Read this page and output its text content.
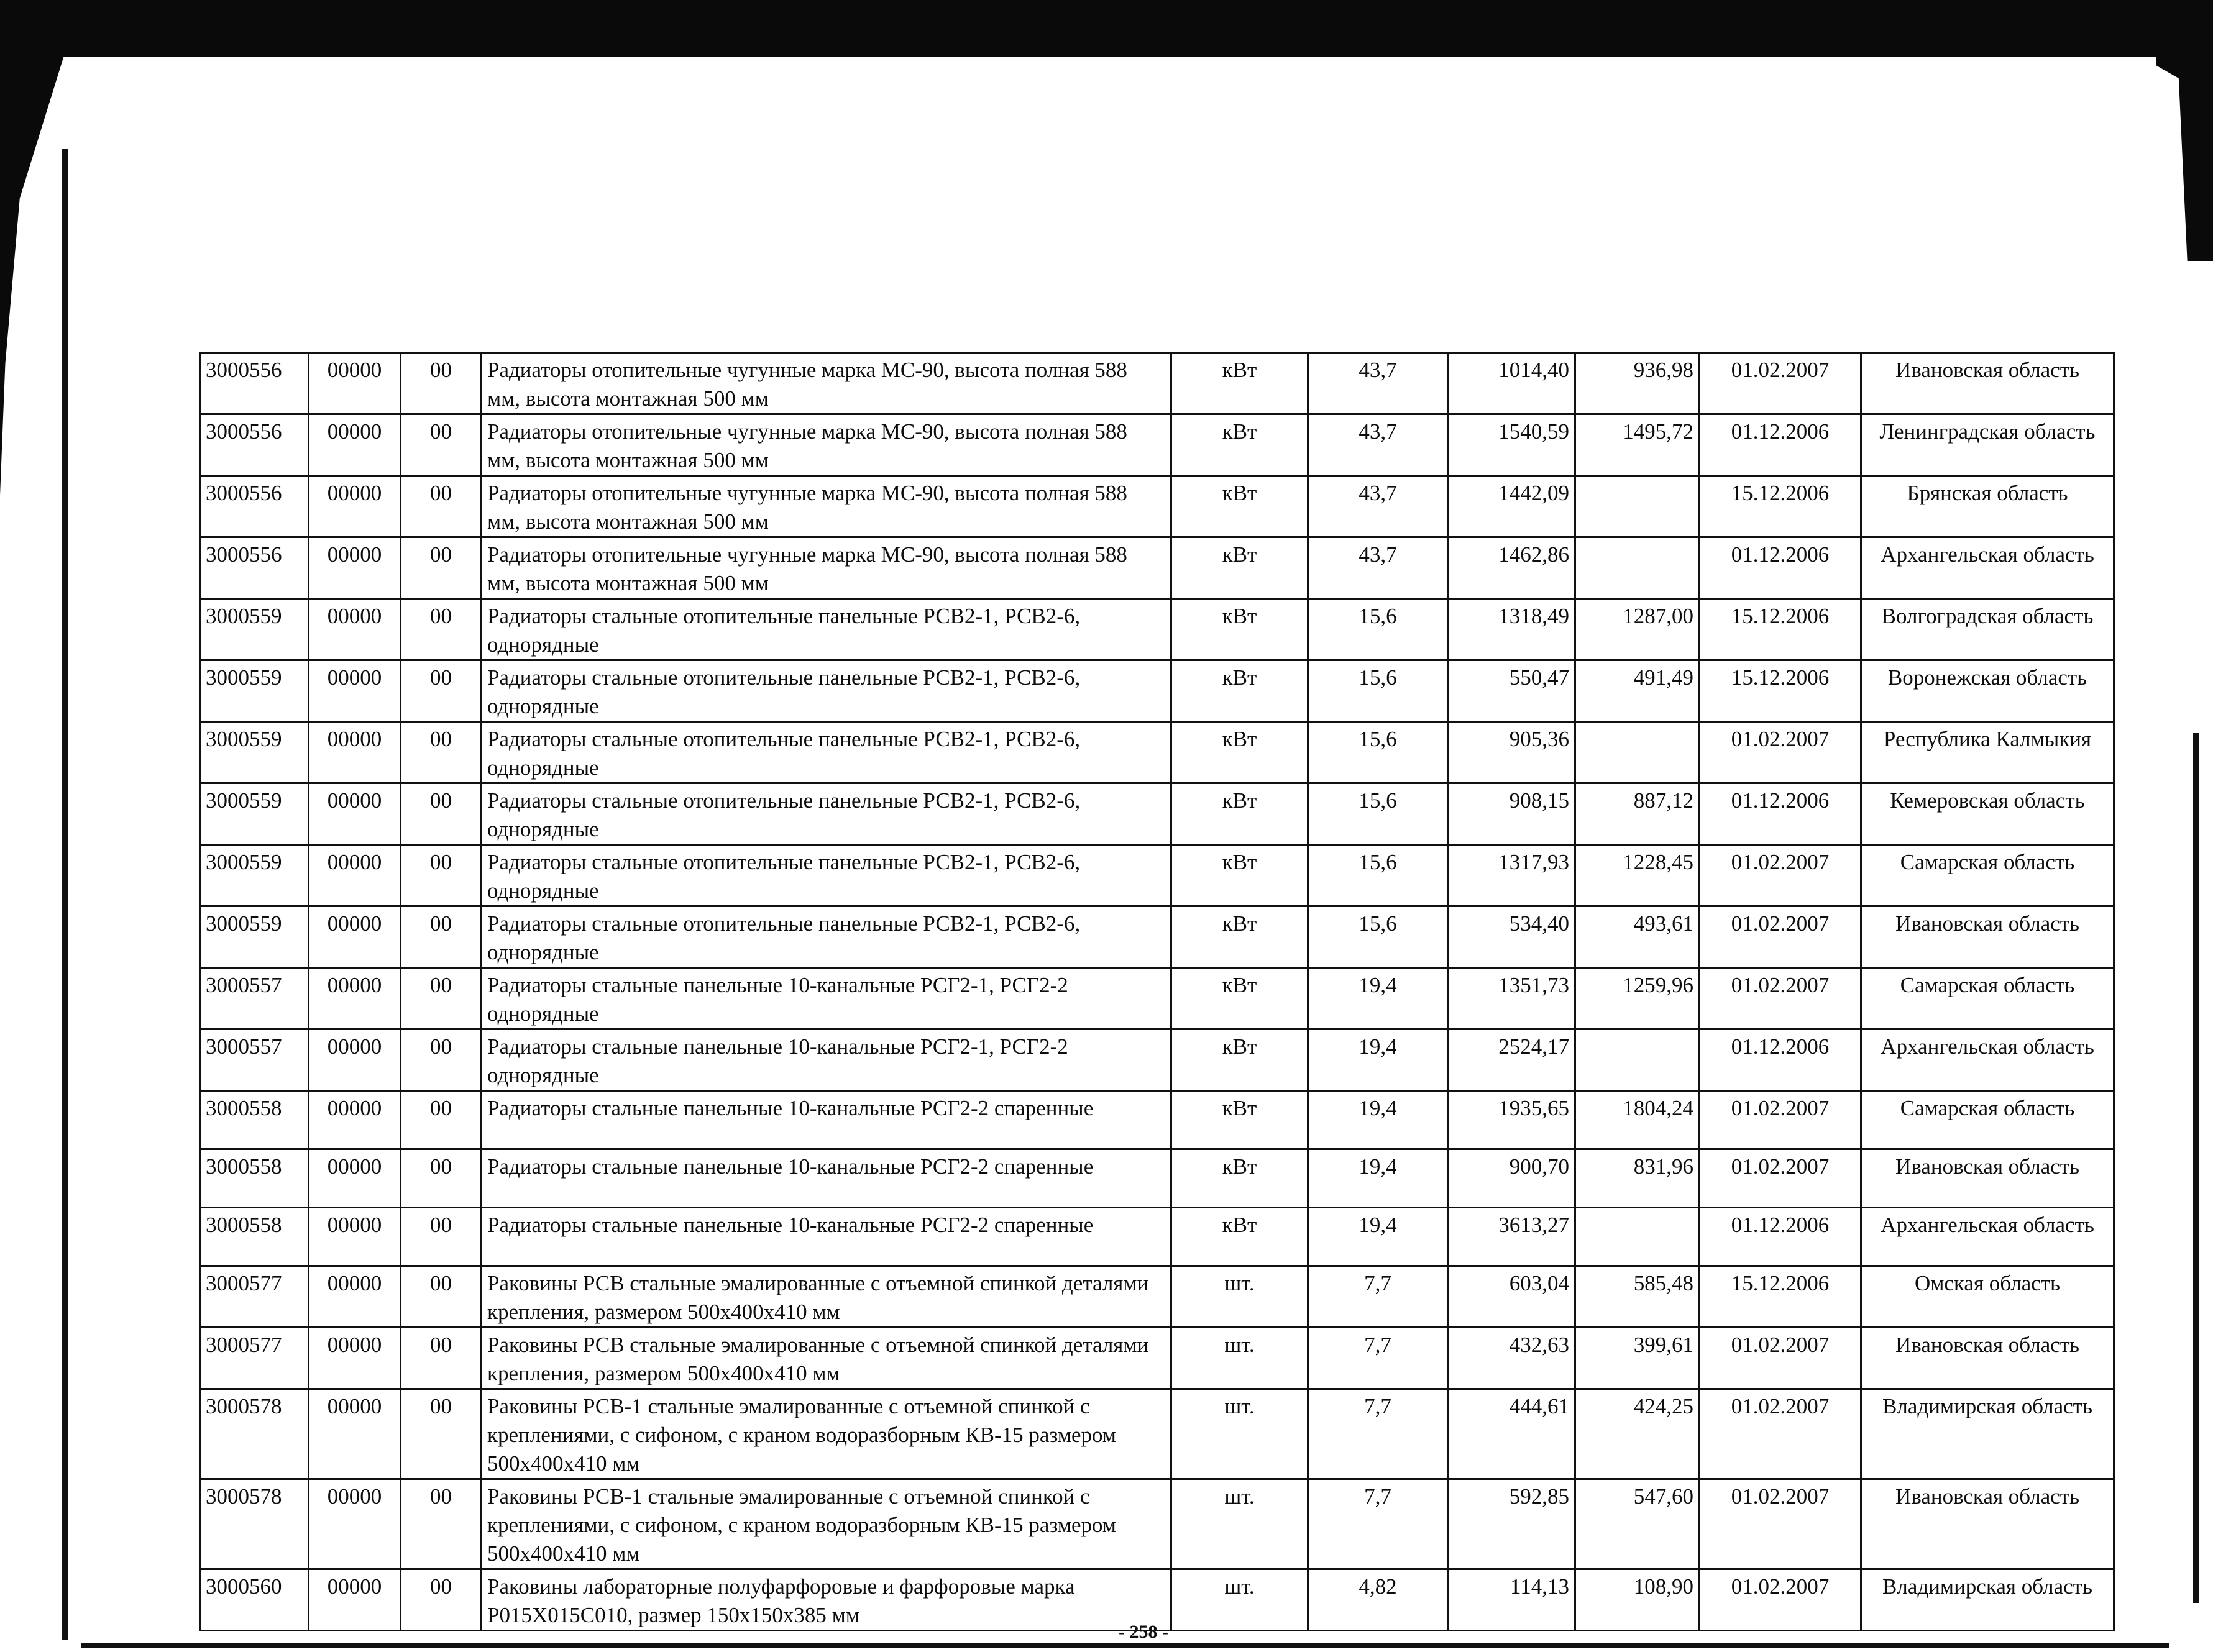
3000556	00000	00	Радиаторы отопительные чугунные марка МС-90, высота полная 588 мм, высота монтажная 500 мм	кВт	43,7	1014,40	936,98	01.02.2007	Ивановская область
3000556	00000	00	Радиаторы отопительные чугунные марка МС-90, высота полная 588 мм, высота монтажная 500 мм	кВт	43,7	1540,59	1495,72	01.12.2006	Ленинградская область
3000556	00000	00	Радиаторы отопительные чугунные марка МС-90, высота полная 588 мм, высота монтажная 500 мм	кВт	43,7	1442,09		15.12.2006	Брянская область
3000556	00000	00	Радиаторы отопительные чугунные марка МС-90, высота полная 588 мм, высота монтажная 500 мм	кВт	43,7	1462,86		01.12.2006	Архангельская область
3000559	00000	00	Радиаторы стальные отопительные панельные РСВ2-1, РСВ2-6, однорядные	кВт	15,6	1318,49	1287,00	15.12.2006	Волгоградская область
3000559	00000	00	Радиаторы стальные отопительные панельные РСВ2-1, РСВ2-6, однорядные	кВт	15,6	550,47	491,49	15.12.2006	Воронежская область
3000559	00000	00	Радиаторы стальные отопительные панельные РСВ2-1, РСВ2-6, однорядные	кВт	15,6	905,36		01.02.2007	Республика Калмыкия
3000559	00000	00	Радиаторы стальные отопительные панельные РСВ2-1, РСВ2-6, однорядные	кВт	15,6	908,15	887,12	01.12.2006	Кемеровская область
3000559	00000	00	Радиаторы стальные отопительные панельные РСВ2-1, РСВ2-6, однорядные	кВт	15,6	1317,93	1228,45	01.02.2007	Самарская область
3000559	00000	00	Радиаторы стальные отопительные панельные РСВ2-1, РСВ2-6, однорядные	кВт	15,6	534,40	493,61	01.02.2007	Ивановская область
3000557	00000	00	Радиаторы стальные панельные 10-канальные РСГ2-1, РСГ2-2 однорядные	кВт	19,4	1351,73	1259,96	01.02.2007	Самарская область
3000557	00000	00	Радиаторы стальные панельные 10-канальные РСГ2-1, РСГ2-2 однорядные	кВт	19,4	2524,17		01.12.2006	Архангельская область
3000558	00000	00	Радиаторы стальные панельные 10-канальные РСГ2-2 спаренные	кВт	19,4	1935,65	1804,24	01.02.2007	Самарская область
3000558	00000	00	Радиаторы стальные панельные 10-канальные РСГ2-2 спаренные	кВт	19,4	900,70	831,96	01.02.2007	Ивановская область
3000558	00000	00	Радиаторы стальные панельные 10-канальные РСГ2-2 спаренные	кВт	19,4	3613,27		01.12.2006	Архангельская область
3000577	00000	00	Раковины РСВ стальные эмалированные с отъемной спинкой деталями крепления, размером 500х400х410 мм	шт.	7,7	603,04	585,48	15.12.2006	Омская область
3000577	00000	00	Раковины РСВ стальные эмалированные с отъемной спинкой деталями крепления, размером 500х400х410 мм	шт.	7,7	432,63	399,61	01.02.2007	Ивановская область
3000578	00000	00	Раковины РСВ-1 стальные эмалированные с отъемной спинкой с креплениями, с сифоном, с краном водоразборным КВ-15 размером 500х400х410 мм	шт.	7,7	444,61	424,25	01.02.2007	Владимирская область
3000578	00000	00	Раковины РСВ-1 стальные эмалированные с отъемной спинкой с креплениями, с сифоном, с краном водоразборным КВ-15 размером 500х400х410 мм	шт.	7,7	592,85	547,60	01.02.2007	Ивановская область
3000560	00000	00	Раковины лабораторные полуфарфоровые и фарфоровые марка Р015Х015С010, размер 150х150х385 мм	шт.	4,82	114,13	108,90	01.02.2007	Владимирская область
- 258 -
